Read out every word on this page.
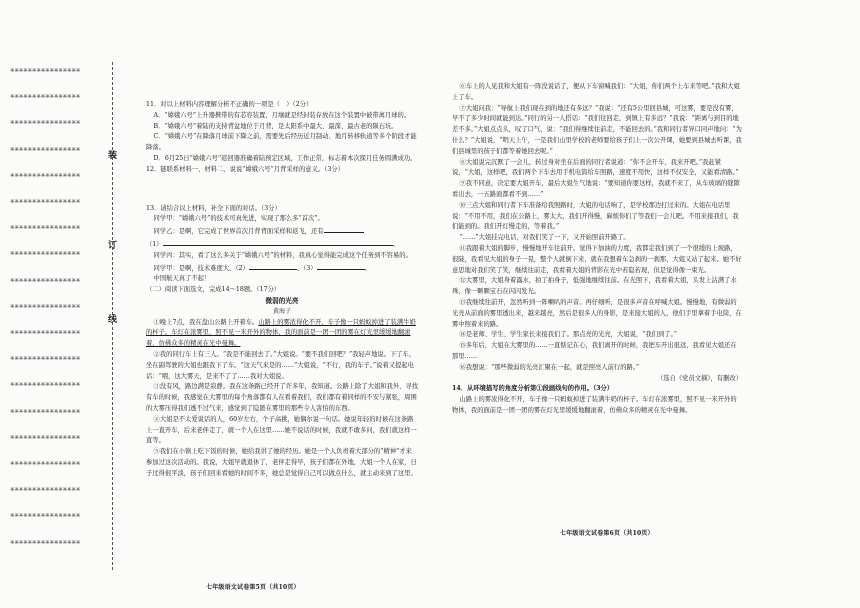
※※※※※※※※※※※※※※※※
※※※※※※※※※※※※※※※※
※※※※※※※※※※※※※※※※
※※※※※※※※※※※※※※※※
※※※※※※※※※※※※※※※※
※※※※※※※※※※※※※※※※
※※※※※※※※※※※※※※※※
※※※※※※※※※※※※※※※※
※※※※※※※※※※※※※※※※
※※※※※※※※※※※※※※※※
※※※※※※※※※※※※※※※※
※※※※※※※※※※※※※※※※
※※※※※※※※※※※※※※※※
※※※※※※※※※※※※※※※※
※※※※※※※※※※※※※※※※
※※※※※※※※※※※※※※※※
※※※※※※※※※※※※※※※※
※※※※※※※※※※※※※※※※
※※※※※※※※※※※※※※※※
装
订
线

11．对以上材料内容理解分析不正确的一项是（　）（2分）

A．“嫦娥六号”上升器携带的有芯容装置，月壤就是经封装存放在这个装置中被带离月球的。

B．“嫦娥六号”着陆的支持背盆地位于月背，是太阳系中最大、最深、最古老的陨石坑。

C．“嫦娥六号”在降落月球前下降之前，需要先后经历近月制动、地月转移轨道等多个阶段才能降落。

D．6月25日“嫦娥六号”返回器准确着陆预定区域，工作正常，标志着本次探月任务圆满成功。

12．链联系材料一、材料二，说说“嫦娥六号”月背采样的意义。（3分）

13．请结合以上材料，补全下面的对话。（3分）

同学甲：“嫦娥六号”的技术可真先进，实现了那么多“首次”。

同学乙：是啊，它完成了世界首次月背背面采样和返飞，还有

（1）	。

同学丙：其实，看了这么多关于“嫦娥六号”的材料，我真心觉得能完成这个任务到不容易的。

同学甲：是啊，技术难度大、（2）	、（3）	。

中国航天真了不起！

（二）阅读下面选文，完成14～18题。（17分）

微弱的光亮
黄海子

①晚上7点，我在盘山公路上开着车。山路上的雾浓得化不开，车子像一只蚂蚁掉进了装满牛奶的杯子。车灯在浓雾里，照不见一米开外的物体，我的面前是一团一团的雾在灯光里缓缓地翻滚着，仿佛众多的精灵在光中曼舞。

②我的同行车上有三人。“我是不能回去了。”大姐说。“要不我们回吧？”我轻声地说。下了车，坐在副驾驶的大姐也跟我下了车。“这天气来是的……”大姐说，“不行，我的车子。”说着又提起电话：“喂，这大雾天，是来不了了……我对大姐说。

③没有风，路边满是寂静。我在这条路已经开了许多年，我知道。公路上除了大姐和我外，寻找有车的时候，我感觉在大雾里的每个角落都有人在看着我们，我们都有着同样的不安与紧张，周围的大雾压得我们透不过气来，感觉到了隐匿在雾里的那些令人害怕的东西。

④大姐是不太爱说话的人，60岁左右，个子高挑，她偶尔说一句话。她说年轻的时候在这条路上一直开车，后来老伴走了，就一个人在这里……她不说话的时候，我就不敢多问，我们就这样一直等。

⑤我们在小镇上吃下饭的时候，她给我讲了她的经历。她是一个人负责着大部分的“精神”才来参加过这次活动的。我说，大姐早就退休了，老伴走得早，孩子们都在外地，大姐一个人在家，日子过得很平淡，孩子们回来看她的时间不多，她总是觉得自己可以做点什么，就主动来到了这里。

七年级语文试卷第5页（共10页）

⑥车上的人见我和大姐有一阵没说话了，便从下车窗喊我们：“大姐，你们两个上车来等吧。”我和大姐上了车。

⑦大姐问我：“导航上我们现在到的地还有多远？”我说：“还有5公里回县城，可这雾，要是没有雾，早不了多少时间就能到达。”同行的另一人搭话：“我们往回走，到镇上有多远？”我说：“距离与到目的地差不多。”大姐点点头，叹了口气，说：“我们得继续往前走，不能回去的。”我和同行者异口同声地问：“为什么？”大姐说，“明天上午，一是我们山里学校的老师要给孩子们上一次公开课，她要到县城去听课，我们县城里的孩子们都等着她回去呢。”

⑧大姐说完沉默了一会儿，转过身对坐在后面的同行者说道：“你不会开车，我来开吧。”我赶紧说，“大姐，这样吧，我们两个下车去用手机电筒给车照路，速度不用快，这样不仅安全，又能看清路。”

⑨我不同意，决定要大姐开车，最后大姐生气地说：“要知道你要这样，我就不来了，从车玻璃的缝隙看出去，一五路面都看不到……”

⑩三点大姐和同行者下车准备给我照路时，大姐的电话响了，是学校那边打过来的。大姐在电话里说：“不用不用，我们在公路上，雾太大，我们开得慢，麻烦你们了等我们一会儿吧。不用来接我们，我们能到的。我们开灯慢走的，等着我。”

“……”大姐挂完电话，对我们笑了一下，又开始照前开路了。

⑪我跟着大姐的脚步，慢慢地开车往前开。觉得下加油的力度，我都定我们到了一个很缓的上坡路，很陡，我看见大姐的身子一晃，整个人就倒下来，就在我想着车急刹的一刹那，大姐又站了起来。她不好意思地对我们笑了笑，继续往前走，我看着大姐的背影在光中若隐若现，但是觉得像一束光。

⑫大雾里，大姐身着露水，拍了拍身子，低强地继续往前。在光照下，我看着大姐，头发上沾满了水珠，像一颗颗宝石在闪闪发光。

⑬我继续往前开，忽然听到一阵喇叭的声音。再仔细听，是很多声音在呼喊大姐。慢慢地，有微弱的光亮从前面的雾里透出来，越来越亮，然后是很多人的身影，是来接大姐的人，他们手里拿着手电筒，在雾中照着来的路。

⑭是老师、学生、学生家长来接我们了。那点亮的光亮，大姐说，“我们到了。”

⑮多年后，大姐在大雾里的……一直惦记在心，我们离开的时候，我把车开出很远，我看见大姐还在那里……

⑯我想说：“那些微弱的光亮汇聚在一起，就是照亮人前行的路。”

（选自《党员文摘》，有删改）

14．从环境描写的角度分析第①段画线句的作用。（3分）

山路上的雾浓得化不开，车子像一只蚂蚁掉进了装满牛奶的杯子。车灯在浓雾里，照不见一米开外的物体，我的面前是一团一团的雾在灯光里缓缓地翻滚着，仿佛众多的精灵在光中曼舞。

七年级语文试卷第6页（共10页）
